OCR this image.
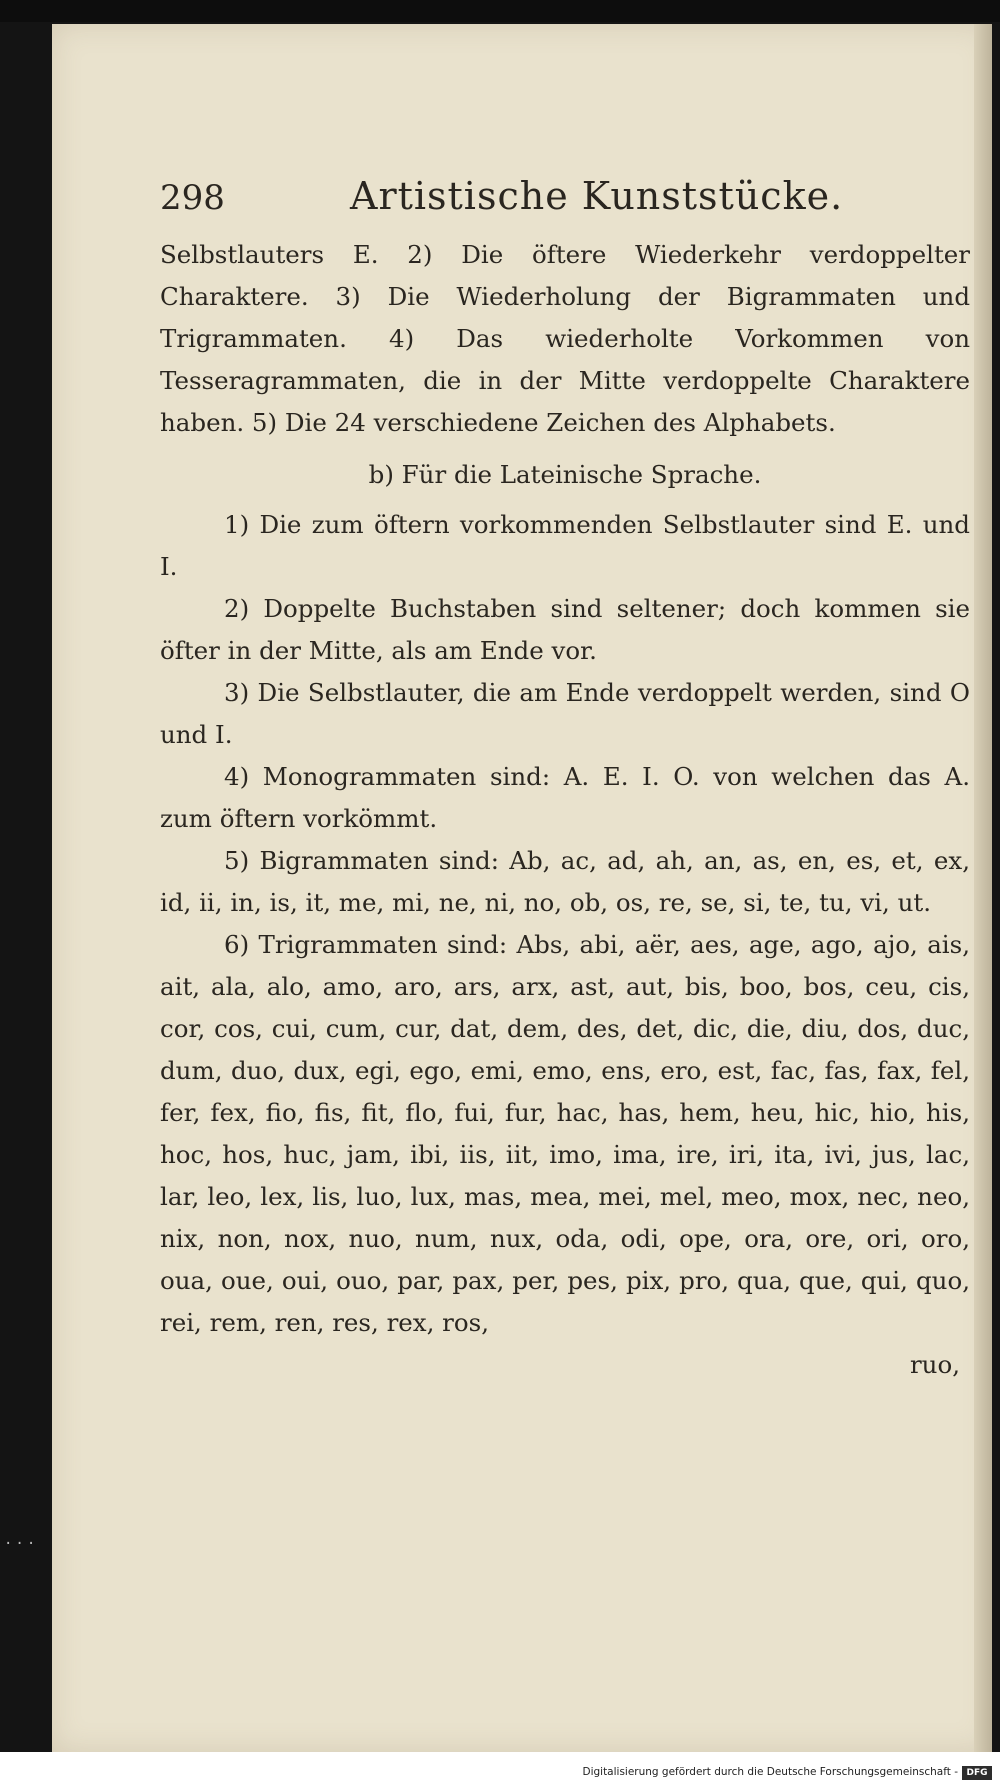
298	Artistische Kunststücke.

Selbstlauters E. 2) Die öftere Wiederkehr verdoppelter Charaktere. 3) Die Wiederholung der Bigrammaten und Trigrammaten. 4) Das wiederholte Vorkommen von Tesseragrammaten, die in der Mitte verdoppelte Charaktere haben. 5) Die 24 verschiedene Zeichen des Alphabets.

b) Für die Lateinische Sprache.

1) Die zum öftern vorkommenden Selbstlauter sind E. und I.

2) Doppelte Buchstaben sind seltener; doch kommen sie öfter in der Mitte, als am Ende vor.

3) Die Selbstlauter, die am Ende verdoppelt werden, sind O und I.

4) Monogrammaten sind: A. E. I. O. von welchen das A. zum öftern vorkömmt.

5) Bigrammaten sind: Ab, ac, ad, ah, an, as, en, es, et, ex, id, ii, in, is, it, me, mi, ne, ni, no, ob, os, re, se, si, te, tu, vi, ut.

6) Trigrammaten sind: Abs, abi, aër, aes, age, ago, ajo, ais, ait, ala, alo, amo, aro, ars, arx, ast, aut, bis, boo, bos, ceu, cis, cor, cos, cui, cum, cur, dat, dem, des, det, dic, die, diu, dos, duc, dum, duo, dux, egi, ego, emi, emo, ens, ero, est, fac, fas, fax, fel, fer, fex, fio, fis, fit, flo, fui, fur, hac, has, hem, heu, hic, hio, his, hoc, hos, huc, jam, ibi, iis, iit, imo, ima, ire, iri, ita, ivi, jus, lac, lar, leo, lex, lis, luo, lux, mas, mea, mei, mel, meo, mox, nec, neo, nix, non, nox, nuo, num, nux, oda, odi, ope, ora, ore, ori, oro, oua, oue, oui, ouo, par, pax, per, pes, pix, pro, qua, que, qui, quo, rei, rem, ren, res, rex, ros,

ruo,
···
Digitalisierung gefördert durch die Deutsche Forschungsgemeinschaft - DFG
